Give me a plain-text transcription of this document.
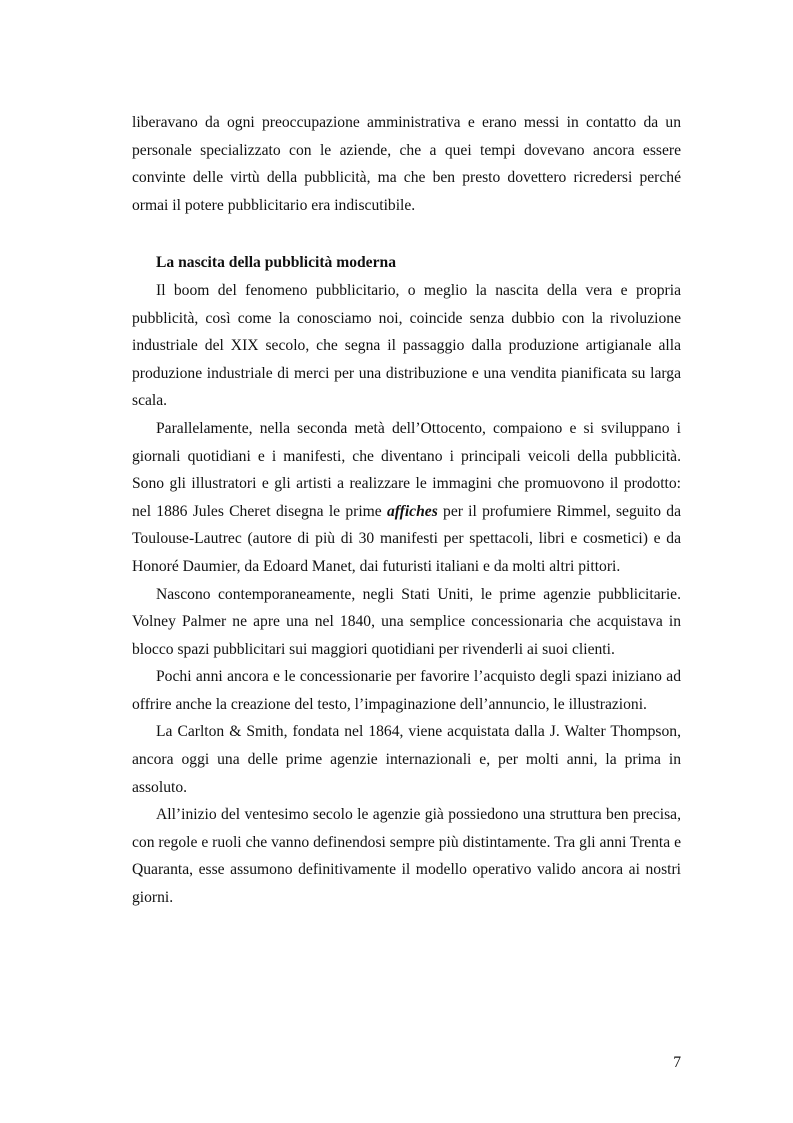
liberavano da ogni preoccupazione amministrativa e erano messi in contatto da un personale specializzato con le aziende, che a quei tempi dovevano ancora essere convinte delle virtù della pubblicità, ma che ben presto dovettero ricredersi perché ormai il potere pubblicitario era indiscutibile.

La nascita della pubblicità moderna

Il boom del fenomeno pubblicitario, o meglio la nascita della vera e propria pubblicità, così come la conosciamo noi, coincide senza dubbio con la rivoluzione industriale del XIX secolo, che segna il passaggio dalla produzione artigianale alla produzione industriale di merci per una distribuzione e una vendita pianificata su larga scala.

Parallelamente, nella seconda metà dell’Ottocento, compaiono e si sviluppano i giornali quotidiani e i manifesti, che diventano i principali veicoli della pubblicità. Sono gli illustratori e gli artisti a realizzare le immagini che promuovono il prodotto: nel 1886 Jules Cheret disegna le prime affiches per il profumiere Rimmel, seguito da Toulouse-Lautrec (autore di più di 30 manifesti per spettacoli, libri e cosmetici) e da Honoré Daumier, da Edoard Manet, dai futuristi italiani e da molti altri pittori.

Nascono contemporaneamente, negli Stati Uniti, le prime agenzie pubblicitarie. Volney Palmer ne apre una nel 1840, una semplice concessionaria che acquistava in blocco spazi pubblicitari sui maggiori quotidiani per rivenderli ai suoi clienti.

Pochi anni ancora e le concessionarie per favorire l’acquisto degli spazi iniziano ad offrire anche la creazione del testo, l’impaginazione dell’annuncio, le illustrazioni.

La Carlton & Smith, fondata nel 1864, viene acquistata dalla J. Walter Thompson, ancora oggi una delle prime agenzie internazionali e, per molti anni, la prima in assoluto.

All’inizio del ventesimo secolo le agenzie già possiedono una struttura ben precisa, con regole e ruoli che vanno definendosi sempre più distintamente. Tra gli anni Trenta e Quaranta, esse assumono definitivamente il modello operativo valido ancora ai nostri giorni.

7
